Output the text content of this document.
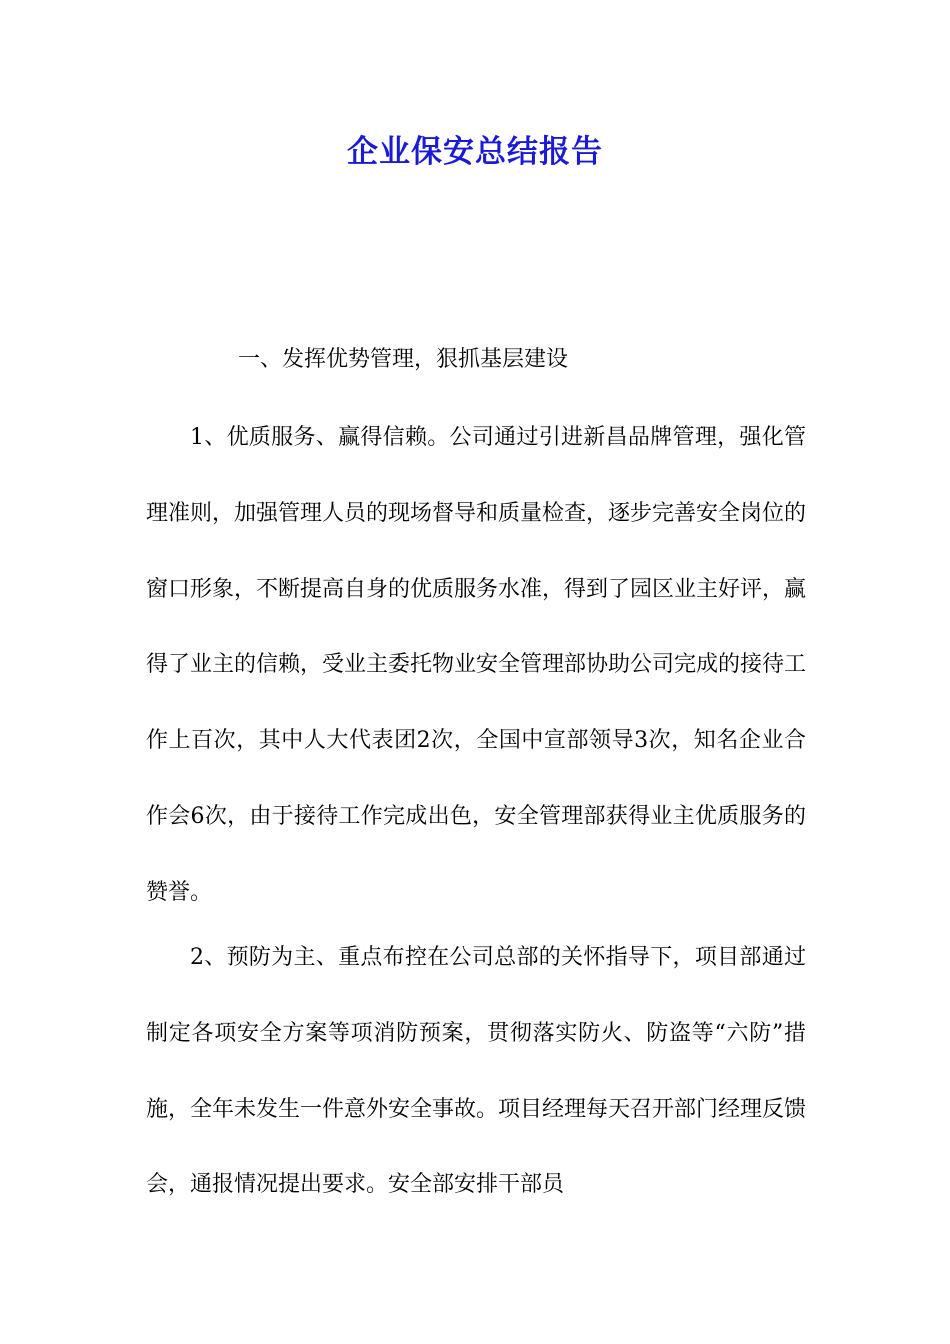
企业保安总结报告
一、发挥优势管理，狠抓基层建设

1、优质服务、赢得信赖。公司通过引进新昌品牌管理，强化管理准则，加强管理人员的现场督导和质量检查，逐步完善安全岗位的窗口形象，不断提高自身的优质服务水准，得到了园区业主好评，赢得了业主的信赖，受业主委托物业安全管理部协助公司完成的接待工作上百次，其中人大代表团2次，全国中宣部领导3次，知名企业合作会6次，由于接待工作完成出色，安全管理部获得业主优质服务的赞誉。

2、预防为主、重点布控在公司总部的关怀指导下，项目部通过制定各项安全方案等项消防预案，贯彻落实防火、防盗等“六防”措施，全年未发生一件意外安全事故。项目经理每天召开部门经理反馈会，通报情况提出要求。安全部安排干部员
